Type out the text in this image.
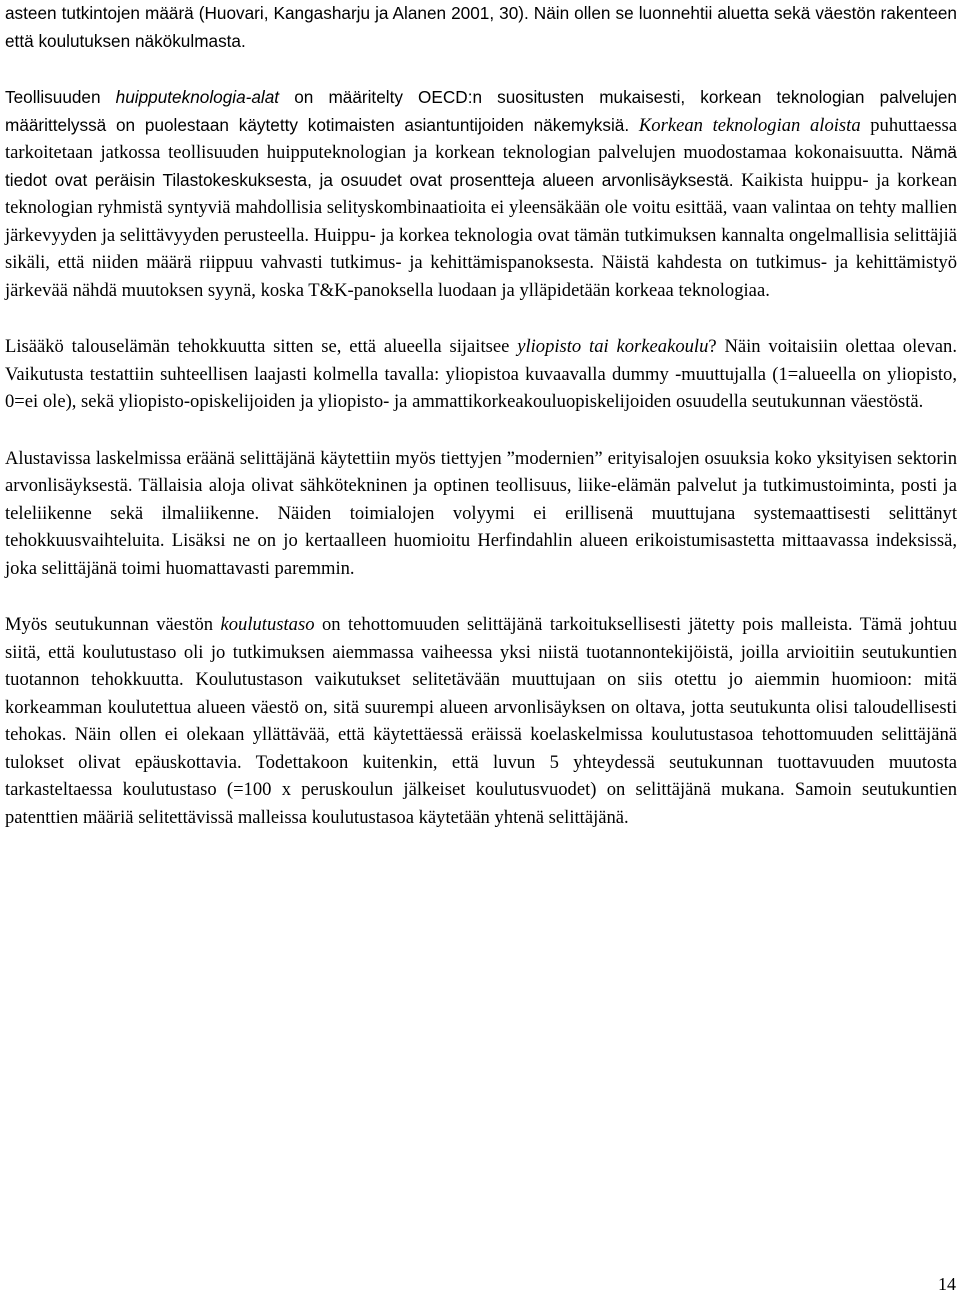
asteen tutkintojen määrä (Huovari, Kangasharju ja Alanen 2001, 30). Näin ollen se luonnehtii aluetta sekä väestön rakenteen että koulutuksen näkökulmasta.

Teollisuuden huipputeknologia-alat on määritelty OECD:n suositusten mukaisesti, korkean teknologian palvelujen määrittelyssä on puolestaan käytetty kotimaisten asiantuntijoiden näkemyksiä. Korkean teknologian aloista puhuttaessa tarkoitetaan jatkossa teollisuuden huipputeknologian ja korkean teknologian palvelujen muodostamaa kokonaisuutta. Nämä tiedot ovat peräisin Tilastokeskuksesta, ja osuudet ovat prosentteja alueen arvonlisäyksestä. Kaikista huippu- ja korkean teknologian ryhmistä syntyviä mahdollisia selityskombinaatioita ei yleensäkään ole voitu esittää, vaan valintaa on tehty mallien järkevyyden ja selittävyyden perusteella. Huippu- ja korkea teknologia ovat tämän tutkimuksen kannalta ongelmallisia selittäjiä sikäli, että niiden määrä riippuu vahvasti tutkimus- ja kehittämispanoksesta. Näistä kahdesta on tutkimus- ja kehittämistyö järkevää nähdä muutoksen syynä, koska T&K-panoksella luodaan ja ylläpidetään korkeaa teknologiaa.

Lisääkö talouselämän tehokkuutta sitten se, että alueella sijaitsee yliopisto tai korkeakoulu? Näin voitaisiin olettaa olevan. Vaikutusta testattiin suhteellisen laajasti kolmella tavalla: yliopistoa kuvaavalla dummy -muuttujalla (1=alueella on yliopisto, 0=ei ole), sekä yliopisto-opiskelijoiden ja yliopisto- ja ammattikorkeakouluopiskelijoiden osuudella seutukunnan väestöstä.

Alustavissa laskelmissa eräänä selittäjänä käytettiin myös tiettyjen ”modernien” erityisalojen osuuksia koko yksityisen sektorin arvonlisäyksestä. Tällaisia aloja olivat sähkötekninen ja optinen teollisuus, liike-elämän palvelut ja tutkimustoiminta, posti ja teleliikenne sekä ilmaliikenne. Näiden toimialojen volyymi ei erillisenä muuttujana systemaattisesti selittänyt tehokkuusvaihteluita. Lisäksi ne on jo kertaalleen huomioitu Herfindahlin alueen erikoistumisastetta mittaavassa indeksissä, joka selittäjänä toimi huomattavasti paremmin.

Myös seutukunnan väestön koulutustaso on tehottomuuden selittäjänä tarkoituksellisesti jätetty pois malleista. Tämä johtuu siitä, että koulutustaso oli jo tutkimuksen aiemmassa vaiheessa yksi niistä tuotannontekijöistä, joilla arvioitiin seutukuntien tuotannon tehokkuutta. Koulutustason vaikutukset selitetävään muuttujaan on siis otettu jo aiemmin huomioon: mitä korkeamman koulutettua alueen väestö on, sitä suurempi alueen arvonlisäyksen on oltava, jotta seutukunta olisi taloudellisesti tehokas. Näin ollen ei olekaan yllättävää, että käytettäessä eräissä koelaskelmissa koulutustasoa tehottomuuden selittäjänä tulokset olivat epäuskottavia. Todettakoon kuitenkin, että luvun 5 yhteydessä seutukunnan tuottavuuden muutosta tarkasteltaessa koulutustaso (=100 x peruskoulun jälkeiset koulutusvuodet) on selittäjänä mukana. Samoin seutukuntien patenttien määriä selitettävissä malleissa koulutustasoa käytetään yhtenä selittäjänä.

14
